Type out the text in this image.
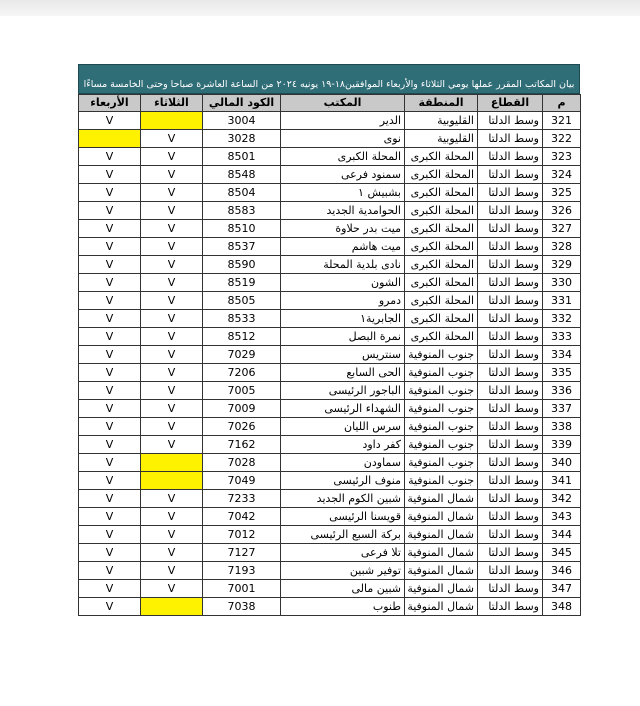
بيان المكاتب المقرر عملها يومي الثلاثاء والأربعاء الموافقين١٨-١٩ يونيه ٢٠٢٤ من الساعة العاشرة صباحا وحتى الخامسة مساءًا
م	القطاع	المنطقة	المكتب	الكود المالي	الثلاثاء	الأربعاء
321	وسط الدلتا	القليوبية	الدير	3004		V
322	وسط الدلتا	القليوبية	نوى	3028	V	
323	وسط الدلتا	المحلة الكبرى	المحلة الكبرى	8501	V	V
324	وسط الدلتا	المحلة الكبرى	سمنود فرعى	8548	V	V
325	وسط الدلتا	المحلة الكبرى	بشبيش ١	8504	V	V
326	وسط الدلتا	المحلة الكبرى	الحوامدية الجديد	8583	V	V
327	وسط الدلتا	المحلة الكبرى	ميت بدر حلاوة	8510	V	V
328	وسط الدلتا	المحلة الكبرى	ميت هاشم	8537	V	V
329	وسط الدلتا	المحلة الكبرى	نادى بلدية المحلة	8590	V	V
330	وسط الدلتا	المحلة الكبرى	الشون	8519	V	V
331	وسط الدلتا	المحلة الكبرى	دمرو	8505	V	V
332	وسط الدلتا	المحلة الكبرى	الجابرية١	8533	V	V
333	وسط الدلتا	المحلة الكبرى	نمرة البصل	8512	V	V
334	وسط الدلتا	جنوب المنوفية	سنتريس	7029	V	V
335	وسط الدلتا	جنوب المنوفية	الحى السابع	7206	V	V
336	وسط الدلتا	جنوب المنوفية	الباجور الرئيسى	7005	V	V
337	وسط الدلتا	جنوب المنوفية	الشهداء الرئيسى	7009	V	V
338	وسط الدلتا	جنوب المنوفية	سرس الليان	7026	V	V
339	وسط الدلتا	جنوب المنوفية	كفر داود	7162	V	V
340	وسط الدلتا	جنوب المنوفية	سماودن	7028		V
341	وسط الدلتا	جنوب المنوفية	منوف الرئيسى	7049		V
342	وسط الدلتا	شمال المنوفية	شبين الكوم الجديد	7233	V	V
343	وسط الدلتا	شمال المنوفية	قويسنا الرئيسى	7042	V	V
344	وسط الدلتا	شمال المنوفية	بركة السبع الرئيسى	7012	V	V
345	وسط الدلتا	شمال المنوفية	تلا فرعى	7127	V	V
346	وسط الدلتا	شمال المنوفية	توفير شبين	7193	V	V
347	وسط الدلتا	شمال المنوفية	شبين مالى	7001	V	V
348	وسط الدلتا	شمال المنوفية	طنوب	7038		V
